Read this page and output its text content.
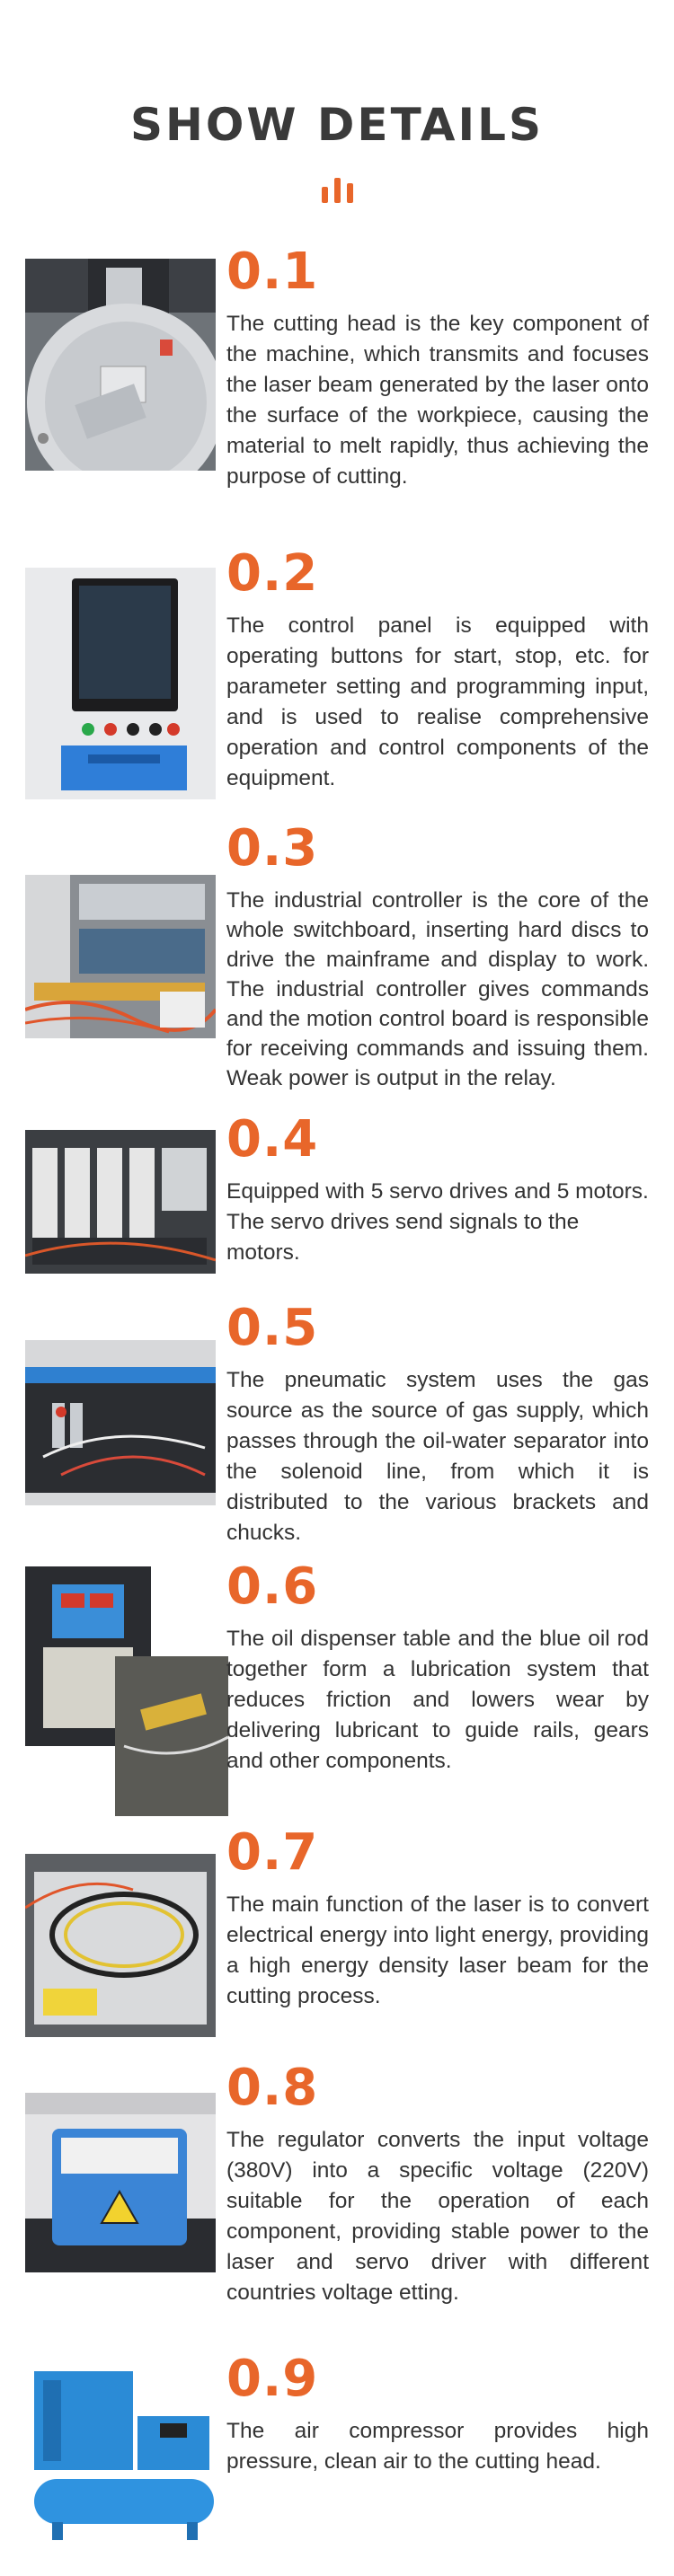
SHOW DETAILS
0.1

The cutting head is the key component of the machine, which transmits and focuses the laser beam generated by the laser onto the surface of the workpiece, causing the material to melt rapidly, thus achieving the purpose of cutting.

0.2

The control panel is equipped with operating buttons for start, stop, etc. for parameter setting and programming input, and is used to realise comprehensive operation and control components of the equipment.

0.3

The industrial controller is the core of the whole switchboard, inserting hard discs to drive the mainframe and display to work. The industrial controller gives commands and the motion control board is responsible for receiving commands and issuing them. Weak power is output in the relay.

0.4

Equipped with 5 servo drives and 5 motors. The servo drives send signals to the motors.

0.5

The pneumatic system uses the gas source as the source of gas supply, which passes through the oil-water separator into the solenoid line, from which it is distributed to the various brackets and chucks.

0.6

The oil dispenser table and the blue oil rod together form a lubrication system that reduces friction and lowers wear by delivering lubricant to guide rails, gears and other components.

0.7

The main function of the laser is to convert electrical energy into light energy, providing a high energy density laser beam for the cutting process.

0.8

The regulator converts the input voltage (380V) into a specific voltage (220V) suitable for the operation of each component, providing stable power to the laser and servo driver with different countries voltage etting.

0.9

The air compressor provides high pressure, clean air to the cutting head.
